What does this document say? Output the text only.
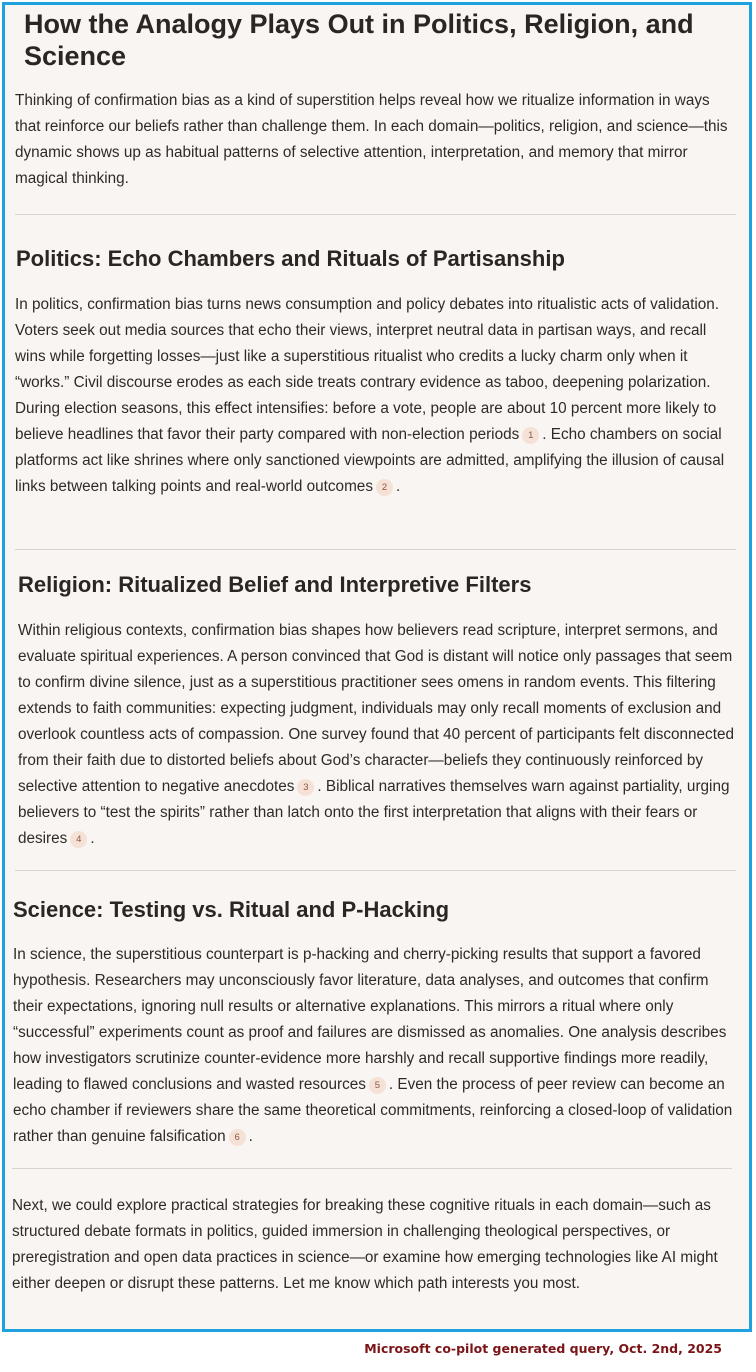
How the Analogy Plays Out in Politics, Religion, and Science

Thinking of confirmation bias as a kind of superstition helps reveal how we ritualize information in ways that reinforce our beliefs rather than challenge them. In each domain—politics, religion, and science—this dynamic shows up as habitual patterns of selective attention, interpretation, and memory that mirror magical thinking.

Politics: Echo Chambers and Rituals of Partisanship

In politics, confirmation bias turns news consumption and policy debates into ritualistic acts of validation. Voters seek out media sources that echo their views, interpret neutral data in partisan ways, and recall wins while forgetting losses—just like a superstitious ritualist who credits a lucky charm only when it “works.” Civil discourse erodes as each side treats contrary evidence as taboo, deepening polarization. During election seasons, this effect intensifies: before a vote, people are about 10 percent more likely to believe headlines that favor their party compared with non-election periods 1 . Echo chambers on social platforms act like shrines where only sanctioned viewpoints are admitted, amplifying the illusion of causal links between talking points and real-world outcomes 2 .

Religion: Ritualized Belief and Interpretive Filters

Within religious contexts, confirmation bias shapes how believers read scripture, interpret sermons, and evaluate spiritual experiences. A person convinced that God is distant will notice only passages that seem to confirm divine silence, just as a superstitious practitioner sees omens in random events. This filtering extends to faith communities: expecting judgment, individuals may only recall moments of exclusion and overlook countless acts of compassion. One survey found that 40 percent of participants felt disconnected from their faith due to distorted beliefs about God’s character—beliefs they continuously reinforced by selective attention to negative anecdotes 3 . Biblical narratives themselves warn against partiality, urging believers to “test the spirits” rather than latch onto the first interpretation that aligns with their fears or desires 4 .

Science: Testing vs. Ritual and P-Hacking

In science, the superstitious counterpart is p-hacking and cherry-picking results that support a favored hypothesis. Researchers may unconsciously favor literature, data analyses, and outcomes that confirm their expectations, ignoring null results or alternative explanations. This mirrors a ritual where only “successful” experiments count as proof and failures are dismissed as anomalies. One analysis describes how investigators scrutinize counter-evidence more harshly and recall supportive findings more readily, leading to flawed conclusions and wasted resources 5 . Even the process of peer review can become an echo chamber if reviewers share the same theoretical commitments, reinforcing a closed-loop of validation rather than genuine falsification 6 .

Next, we could explore practical strategies for breaking these cognitive rituals in each domain—such as structured debate formats in politics, guided immersion in challenging theological perspectives, or preregistration and open data practices in science—or examine how emerging technologies like AI might either deepen or disrupt these patterns. Let me know which path interests you most.

Microsoft co-pilot generated query, Oct. 2nd, 2025
